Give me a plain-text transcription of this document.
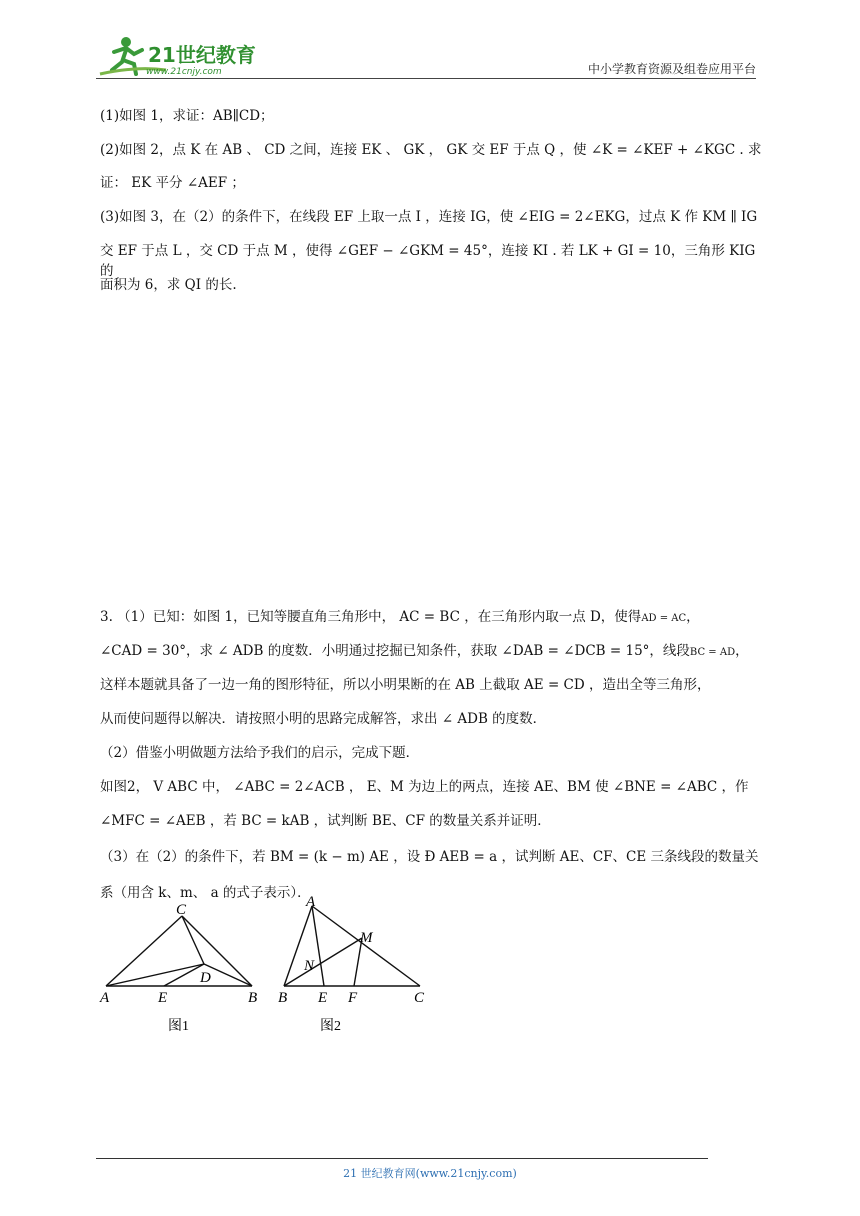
21世纪教育
www.21cnjy.com	中小学教育资源及组卷应用平台
(1)如图 1，求证：AB∥CD；
(2)如图 2，点 K 在 AB 、 CD 之间，连接 EK 、 GK ， GK 交 EF 于点 Q ，使 ∠K = ∠KEF + ∠KGC . 求
证： EK 平分 ∠AEF ；
(3)如图 3，在（2）的条件下，在线段 EF 上取一点 I ，连接 IG，使 ∠EIG = 2∠EKG，过点 K 作 KM ∥ IG
交 EF 于点 L ，交 CD 于点 M ，使得 ∠GEF − ∠GKM = 45°，连接 KI . 若 LK + GI = 10，三角形 KIG 的
面积为 6，求 QI 的长.
3. （1）已知：如图 1，已知等腰直角三角形中， AC = BC ，在三角形内取一点 D，使得AD = AC，
∠CAD = 30°，求 ∠ ADB 的度数．小明通过挖掘已知条件，获取 ∠DAB = ∠DCB = 15°，线段BC = AD，
这样本题就具备了一边一角的图形特征，所以小明果断的在 AB 上截取 AE = CD ，造出全等三角形，
从而使问题得以解决．请按照小明的思路完成解答，求出 ∠ ADB 的度数．
（2）借鉴小明做题方法给予我们的启示，完成下题．
如图2， V ABC 中， ∠ABC = 2∠ACB ， E、M 为边上的两点，连接 AE、BM 使 ∠BNE = ∠ABC ，作
∠MFC = ∠AEB ，若 BC = kAB ，试判断 BE、CF 的数量关系并证明．
（3）在（2）的条件下，若 BM = (k − m) AE ，设 Ð AEB = a ，试判断 AE、CF、CE 三条线段的数量关
系（用含 k、m、 a 的式子表示）．
C
D
A	E	B
图1
A
M
N
B E F	C
图2
21 世纪教育网(www.21cnjy.com)
